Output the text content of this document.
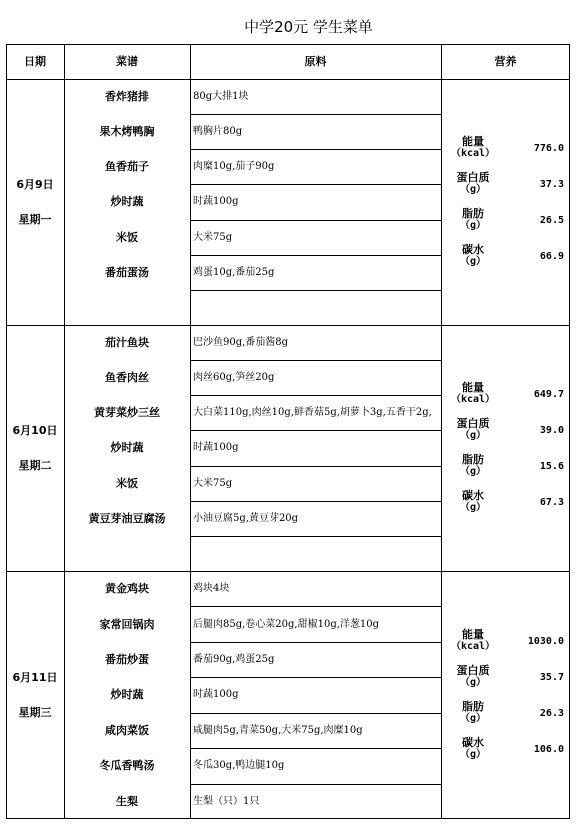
中学20元 学生菜单
日期	菜谱	原料	营养
6月9日
星期一
香炸猪排	80g大排1块
果木烤鸭胸	鸭胸片80g
鱼香茄子	肉糜10g,茄子90g
炒时蔬	时蔬100g
米饭	大米75g
番茄蛋汤	鸡蛋10g,番茄25g
能量
（kcal）	776.0
蛋白质
（g）	37.3
脂肪
（g）	26.5
碳水
（g）	66.9
6月10日
星期二
茄汁鱼块	巴沙鱼90g,番茄酱8g
鱼香肉丝	肉丝60g,笋丝20g
黄芽菜炒三丝	大白菜110g,肉丝10g,鲜香菇5g,胡萝卜3g,五香干2g,
炒时蔬	时蔬100g
米饭	大米75g
黄豆芽油豆腐汤	小油豆腐5g,黄豆芽20g
能量
（kcal）	649.7
蛋白质
（g）	39.0
脂肪
（g）	15.6
碳水
（g）	67.3
6月11日
星期三
黄金鸡块	鸡块4块
家常回锅肉	后腿肉85g,卷心菜20g,甜椒10g,洋葱10g
番茄炒蛋	番茄90g,鸡蛋25g
炒时蔬	时蔬100g
咸肉菜饭	咸腿肉5g,青菜50g,大米75g,肉糜10g
冬瓜香鸭汤	冬瓜30g,鸭边腿10g
生梨	生梨（只）1只
能量
（kcal）	1030.0
蛋白质
（g）	35.7
脂肪
（g）	26.3
碳水
（g）	106.0
